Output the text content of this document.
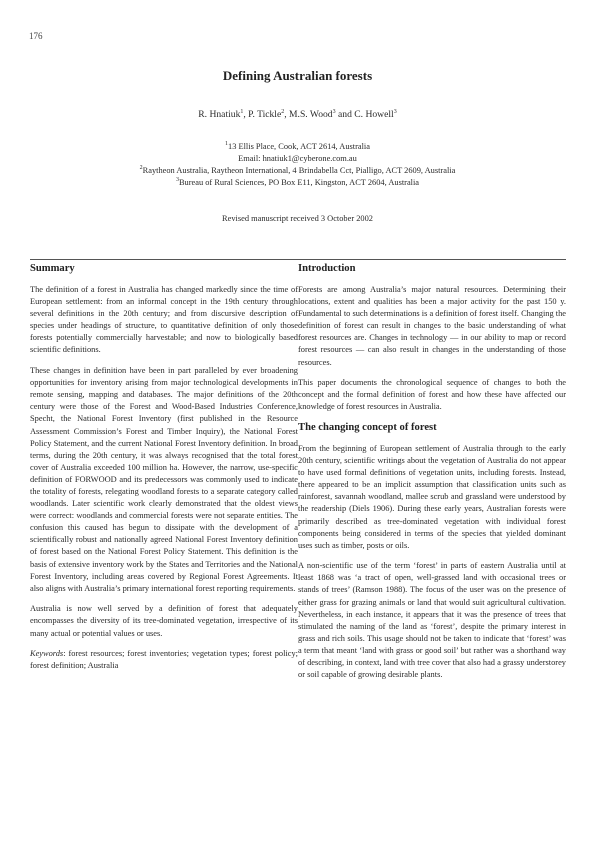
176
Defining Australian forests
R. Hnatiuk$^1$, P. Tickle$^2$, M.S. Wood$^3$ and C. Howell$^3$
$^1$13 Ellis Place, Cook, ACT 2614, Australia
Email: hnatiuk1@cyberone.com.au
$^2$Raytheon Australia, Raytheon International, 4 Brindabella Cct, Pialligo, ACT 2609, Australia
$^3$Bureau of Rural Sciences, PO Box E11, Kingston, ACT 2604, Australia
Revised manuscript received 3 October 2002
Summary

The definition of a forest in Australia has changed markedly since the time of European settlement: from an informal concept in the 19th century through several definitions in the 20th century; and from discursive description of species under headings of structure, to quantitative definition of only those forests potentially commercially harvestable; and now to biologically based scientific definitions.

These changes in definition have been in part paralleled by ever broadening opportunities for inventory arising from major technological developments in remote sensing, mapping and databases. The major definitions of the 20th century were those of the Forest and Wood-Based Industries Conference, Specht, the National Forest Inventory (first published in the Resource Assessment Commission’s Forest and Timber Inquiry), the National Forest Policy Statement, and the current National Forest Inventory definition. In broad terms, during the 20th century, it was always recognised that the total forest cover of Australia exceeded 100 million ha. However, the narrow, use-specific definition of FORWOOD and its predecessors was commonly used to indicate the totality of forests, relegating woodland forests to a separate category called woodlands. Later scientific work clearly demonstrated that the oldest views were correct: woodlands and commercial forests were not separate entities. The confusion this caused has begun to dissipate with the development of a scientifically robust and nationally agreed National Forest Inventory definition of forest based on the National Forest Policy Statement. This definition is the basis of extensive inventory work by the States and Territories and the National Forest Inventory, including areas covered by Regional Forest Agreements. It also aligns with Australia’s primary international forest reporting requirements.

Australia is now well served by a definition of forest that adequately encompasses the diversity of its tree-dominated vegetation, irrespective of its many actual or potential values or uses.

Keywords: forest resources; forest inventories; vegetation types; forest policy; forest definition; Australia

Introduction

Forests are among Australia’s major natural resources. Determining their locations, extent and qualities has been a major activity for the past 150 y. Fundamental to such determinations is a definition of forest itself. Changing the definition of forest can result in changes to the basic understanding of what forest resources are. Changes in technology — in our ability to map or record forest resources — can also result in changes in the understanding of those resources.

This paper documents the chronological sequence of changes to both the concept and the formal definition of forest and how these have affected our knowledge of forest resources in Australia.

The changing concept of forest

From the beginning of European settlement of Australia through to the early 20th century, scientific writings about the vegetation of Australia do not appear to have used formal definitions of vegetation units, including forests. Instead, there appeared to be an implicit assumption that classification units such as rainforest, savannah woodland, mallee scrub and grassland were understood by the readership (Diels 1906). During these early years, Australian forests were primarily described as tree-dominated vegetation with individual forest components being considered in terms of the species that yielded dominant uses such as timber, posts or oils.

A non-scientific use of the term ‘forest’ in parts of eastern Australia until at least 1868 was ‘a tract of open, well-grassed land with occasional trees or stands of trees’ (Ramson 1988). The focus of the user was on the presence of either grass for grazing animals or land that would suit agricultural cultivation. Nevertheless, in each instance, it appears that it was the presence of trees that stimulated the naming of the land as ‘forest’, despite the primary interest in grass and rich soils. This usage should not be taken to indicate that ‘forest’ was a term that meant ‘land with grass or good soil’ but rather was a shorthand way of describing, in context, land with tree cover that also had a grassy understorey or soil capable of growing desirable plants.
